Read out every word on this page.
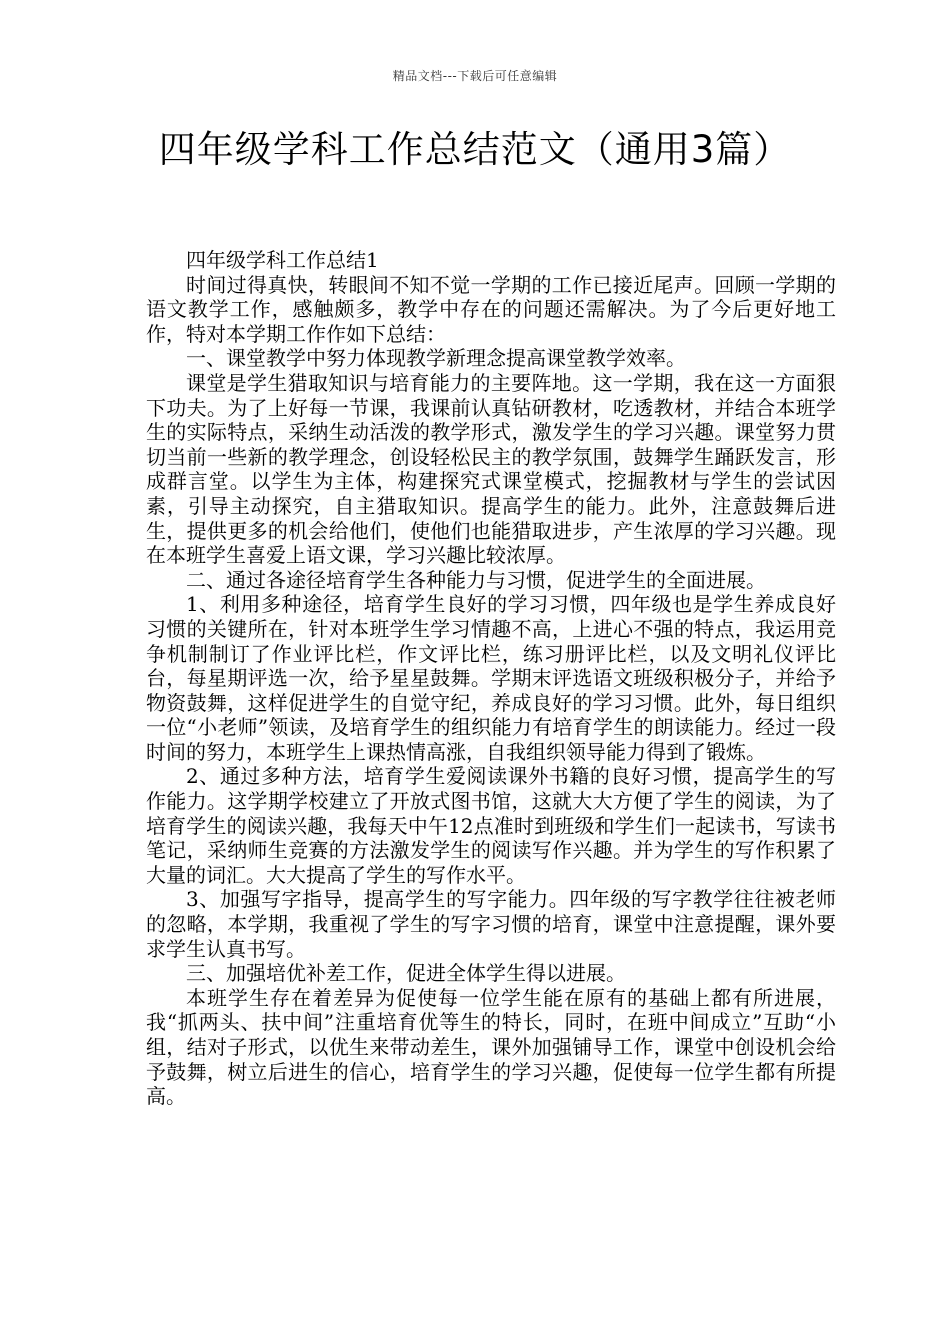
精品文档---下载后可任意编辑
四年级学科工作总结范文（通用3篇）

四年级学科工作总结1

时间过得真快，转眼间不知不觉一学期的工作已接近尾声。回顾一学期的语文教学工作，感触颇多，教学中存在的问题还需解决。为了今后更好地工作，特对本学期工作作如下总结：

一、课堂教学中努力体现教学新理念提高课堂教学效率。

课堂是学生猎取知识与培育能力的主要阵地。这一学期，我在这一方面狠下功夫。为了上好每一节课，我课前认真钻研教材，吃透教材，并结合本班学生的实际特点，采纳生动活泼的教学形式，激发学生的学习兴趣。课堂努力贯切当前一些新的教学理念，创设轻松民主的教学氛围，鼓舞学生踊跃发言，形成群言堂。以学生为主体，构建探究式课堂模式，挖掘教材与学生的尝试因素，引导主动探究，自主猎取知识。提高学生的能力。此外，注意鼓舞后进生，提供更多的机会给他们，使他们也能猎取进步，产生浓厚的学习兴趣。现在本班学生喜爱上语文课，学习兴趣比较浓厚。

二、通过各途径培育学生各种能力与习惯，促进学生的全面进展。

1、利用多种途径，培育学生良好的学习习惯，四年级也是学生养成良好习惯的关键所在，针对本班学生学习情趣不高，上进心不强的特点，我运用竞争机制制订了作业评比栏，作文评比栏，练习册评比栏，以及文明礼仪评比台，每星期评选一次，给予星星鼓舞。学期末评选语文班级积极分子，并给予物资鼓舞，这样促进学生的自觉守纪，养成良好的学习习惯。此外，每日组织一位“小老师”领读，及培育学生的组织能力有培育学生的朗读能力。经过一段时间的努力，本班学生上课热情高涨，自我组织领导能力得到了锻炼。

2、通过多种方法，培育学生爱阅读课外书籍的良好习惯，提高学生的写作能力。这学期学校建立了开放式图书馆，这就大大方便了学生的阅读，为了培育学生的阅读兴趣，我每天中午12点准时到班级和学生们一起读书，写读书笔记，采纳师生竞赛的方法激发学生的阅读写作兴趣。并为学生的写作积累了大量的词汇。大大提高了学生的写作水平。

3、加强写字指导，提高学生的写字能力。四年级的写字教学往往被老师的忽略，本学期，我重视了学生的写字习惯的培育，课堂中注意提醒，课外要求学生认真书写。

三、加强培优补差工作，促进全体学生得以进展。

本班学生存在着差异为促使每一位学生能在原有的基础上都有所进展，我“抓两头、扶中间”注重培育优等生的特长，同时，在班中间成立”互助“小组，结对子形式，以优生来带动差生，课外加强铺导工作，课堂中创设机会给予鼓舞，树立后进生的信心，培育学生的学习兴趣，促使每一位学生都有所提高。
